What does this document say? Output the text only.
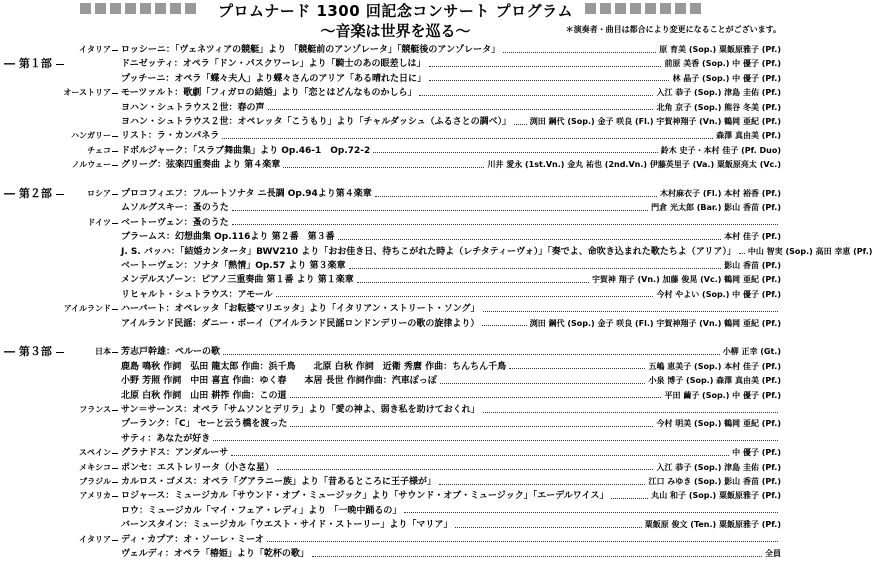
プロムナード 1300 回記念コンサート プログラム
～音楽は世界を巡る～	＊演奏者・曲目は都合により変更になることがございます。
イタリア ロッシーニ：「ヴェネツィアの競艇」より 「競艇前のアンゾレータ」「競艇後のアンゾレータ」	原 育美 (Sop.) 粟飯原雅子 (Pf.)
― 第１部	ドニゼッティ：オペラ「ドン・パスクワーレ」より「騎士のあの眼差しは」	前原 美香 (Sop.) 中 優子 (Pf.)
プッチーニ：オペラ「蝶々夫人」より蝶々さんのアリア「ある晴れた日に」	林 晶子 (Sop.) 中 優子 (Pf.)
オーストリア モーツァルト：歌劇「フィガロの結婚」より「恋とはどんなものかしら」	入江 恭子 (Sop.) 津島 圭佑 (Pf.)
ヨハン・シュトラウス２世：春の声	北角 京子 (Sop.) 熊谷 冬美 (Pf.)
ヨハン・シュトラウス２世：オペレッタ「こうもり」より「チャルダッシュ（ふるさとの調べ）」 渕田 鋼代 (Sop.) 金子 咲良 (Fl.) 宇賀神翔子 (Vn.) 鶴岡 亜紀 (Pf.)
ハンガリー リスト：ラ・カンパネラ	森澤 真由美 (Pf.)
チェコ ドボルジャーク：「スラブ舞曲集」より Op.46-1　Op.72-2	鈴木 史子・本村 佳子 (Pf. Duo)
ノルウェー グリーグ：弦楽四重奏曲 より 第４楽章	川井 愛永 (1st.Vn.) 金丸 祐也 (2nd.Vn.) 伊藤英里子 (Va.) 粟飯原亮太 (Vc.)
― 第２部	ロシア プロコフィエフ：フルートソナタ ニ長調 Op.94より第４楽章	木村麻衣子 (Fl.) 本村 裕香 (Pf.)
ムソルグスキー：蚤のうた	門倉 光太郎 (Bar.) 影山 香苗 (Pf.)
ドイツ ベートーヴェン：蚤のうた
ブラームス：幻想曲集 Op.116より 第２番　第３番	本村 佳子 (Pf.)
J. S. バッハ：「結婚カンタータ」BWV210 より「おお佳き日、待ちこがれた時よ（レチタティーヴォ）」「奏でよ、命吹き込まれた歌たちよ（アリア）」 中山 智実 (Sop.) 高田 幸恵 (Pf.)
ベートーヴェン：ソナタ「熱情」Op.57 より 第３楽章	影山 香苗 (Pf.)
メンデルスゾーン：ピアノ三重奏曲 第１番 より 第１楽章	宇賀神 翔子 (Vn.) 加藤 俊晃 (Vc.) 鶴岡 亜紀 (Pf.)
リヒャルト・シュトラウス：アモール	今村 やよい (Sop.) 中 優子 (Pf.)
アイルランド ハーバート：オペレッタ「お転婆マリエッタ」より「イタリアン・ストリート・ソング」
アイルランド民謡：ダニー・ボーイ（アイルランド民謡ロンドンデリーの歌の旋律より）	渕田 鋼代 (Sop.) 金子 咲良 (Fl.) 宇賀神翔子 (Vn.) 鶴岡 亜紀 (Pf.)
― 第３部	日本 芳志戸幹雄：ペルーの歌	小柳 正幸 (Gt.)
鹿島 鳴秋 作詞　弘田 龍太郎 作曲：浜千鳥　　北原 白秋 作詞　近衛 秀麿 作曲：ちんちん千鳥	五嶋 恵美子 (Sop.) 本村 佳子 (Pf.)
小野 芳照 作詞　中田 喜直 作曲：ゆく春　　本居 長世 作詞作曲：汽車ぽっぽ	小泉 博子 (Sop.) 森澤 真由美 (Pf.)
北原 白秋 作詞　山田 耕筰 作曲：この道	平田 繭子 (Sop.) 中 優子 (Pf.)
フランス サン＝サーンス：オペラ「サムソンとデリラ」より「愛の神よ、弱き私を助けておくれ」
プーランク：「C」 セーと云う橋を渡った	今村 明美 (Sop.) 鶴岡 亜紀 (Pf.)
サティ：あなたが好き
スペイン グラナドス：アンダルーサ	中 優子 (Pf.)
メキシコ ポンセ：エストレリータ（小さな星）	入江 恭子 (Sop.) 津島 圭佑 (Pf.)
ブラジル カルロス・ゴメス：オペラ「グアラニー族」より「昔あるところに王子様が」	江口 みゆき (Sop.) 影山 香苗 (Pf.)
アメリカ ロジャース：ミュージカル「サウンド・オブ・ミュージック」より「サウンド・オブ・ミュージック」「エーデルワイス」	丸山 和子 (Sop.) 粟飯原雅子 (Pf.)
ロウ：ミュージカル「マイ・フェア・レディ」より 「一晩中踊るの」
バーンスタイン：ミュージカル「ウエスト・サイド・ストーリー」より「マリア」	粟飯原 俊文 (Ten.) 粟飯原雅子 (Pf.)
イタリア ディ・カプア：オ・ソーレ・ミーオ
ヴェルディ：オペラ「椿姫」より「乾杯の歌」	全員
